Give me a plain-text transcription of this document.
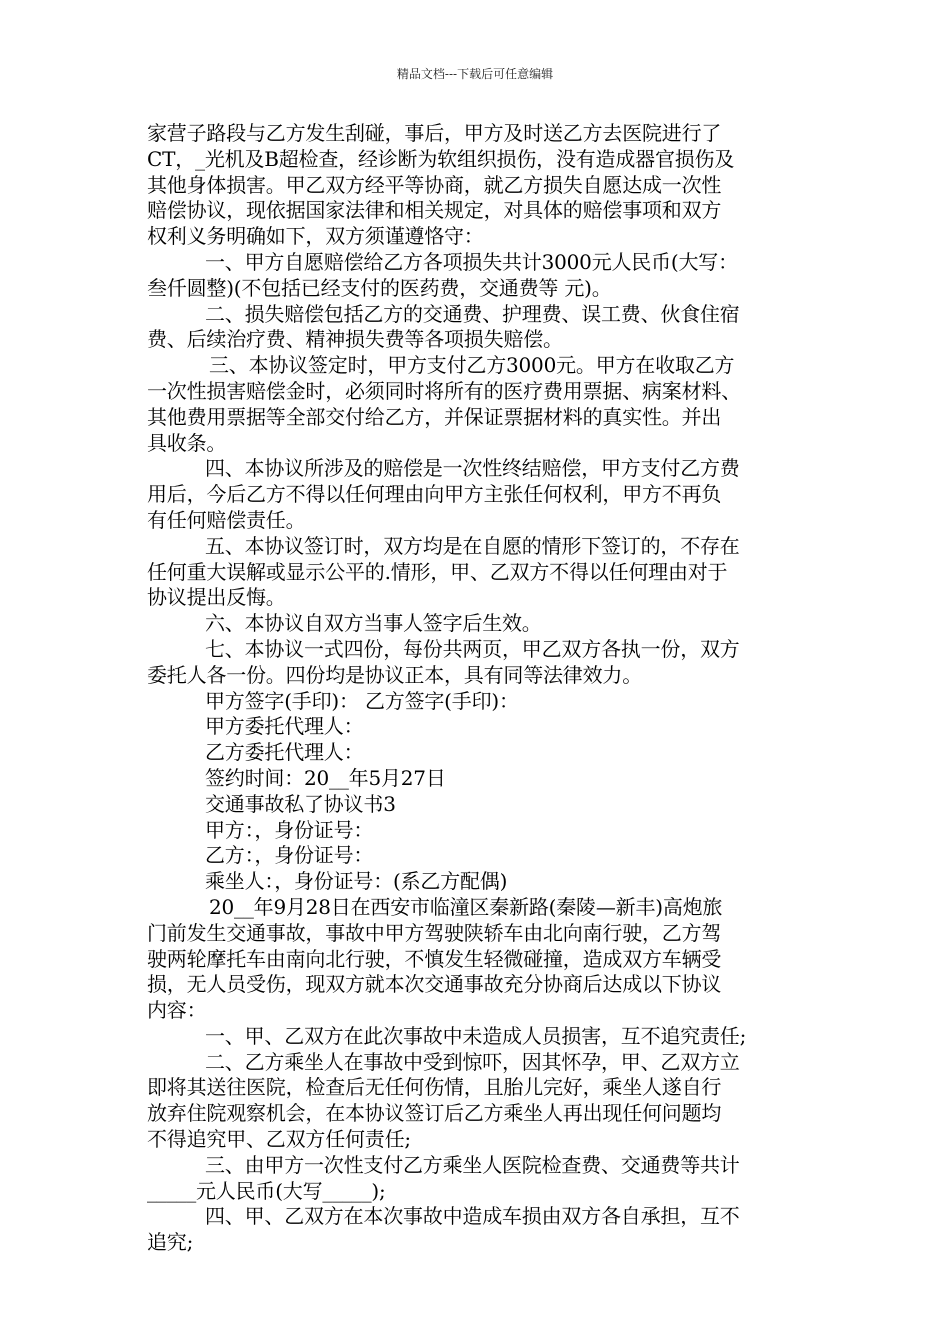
精品文档---下载后可任意编辑
家营子路段与乙方发生刮碰，事后，甲方及时送乙方去医院进行了
CT，_光机及B超检查，经诊断为软组织损伤，没有造成器官损伤及
其他身体损害。甲乙双方经平等协商，就乙方损失自愿达成一次性
赔偿协议，现依据国家法律和相关规定，对具体的赔偿事项和双方
权利义务明确如下，双方须谨遵恪守：
一、甲方自愿赔偿给乙方各项损失共计3000元人民币(大写：
叁仟圆整)(不包括已经支付的医药费，交通费等 元)。
二、损失赔偿包括乙方的交通费、护理费、误工费、伙食住宿
费、后续治疗费、精神损失费等各项损失赔偿。
三、本协议签定时，甲方支付乙方3000元。甲方在收取乙方
一次性损害赔偿金时，必须同时将所有的医疗费用票据、病案材料、
其他费用票据等全部交付给乙方，并保证票据材料的真实性。并出
具收条。
四、本协议所涉及的赔偿是一次性终结赔偿，甲方支付乙方费
用后，今后乙方不得以任何理由向甲方主张任何权利，甲方不再负
有任何赔偿责任。
五、本协议签订时，双方均是在自愿的情形下签订的，不存在
任何重大误解或显示公平的.情形，甲、乙双方不得以任何理由对于
协议提出反悔。
六、本协议自双方当事人签字后生效。
七、本协议一式四份，每份共两页，甲乙双方各执一份，双方
委托人各一份。四份均是协议正本，具有同等法律效力。
甲方签字(手印)： 乙方签字(手印)：
甲方委托代理人：
乙方委托代理人：
签约时间：20__年5月27日
交通事故私了协议书3
甲方：，身份证号：
乙方：，身份证号：
乘坐人：，身份证号：(系乙方配偶)
20__年9月28日在西安市临潼区秦新路(秦陵—新丰)高炮旅
门前发生交通事故，事故中甲方驾驶陕轿车由北向南行驶，乙方驾
驶两轮摩托车由南向北行驶，不慎发生轻微碰撞，造成双方车辆受
损，无人员受伤，现双方就本次交通事故充分协商后达成以下协议
内容：
一、甲、乙双方在此次事故中未造成人员损害，互不追究责任;
二、乙方乘坐人在事故中受到惊吓，因其怀孕，甲、乙双方立
即将其送往医院，检查后无任何伤情，且胎儿完好，乘坐人遂自行
放弃住院观察机会，在本协议签订后乙方乘坐人再出现任何问题均
不得追究甲、乙双方任何责任;
三、由甲方一次性支付乙方乘坐人医院检查费、交通费等共计
_____元人民币(大写_____);
四、甲、乙双方在本次事故中造成车损由双方各自承担，互不
追究;
